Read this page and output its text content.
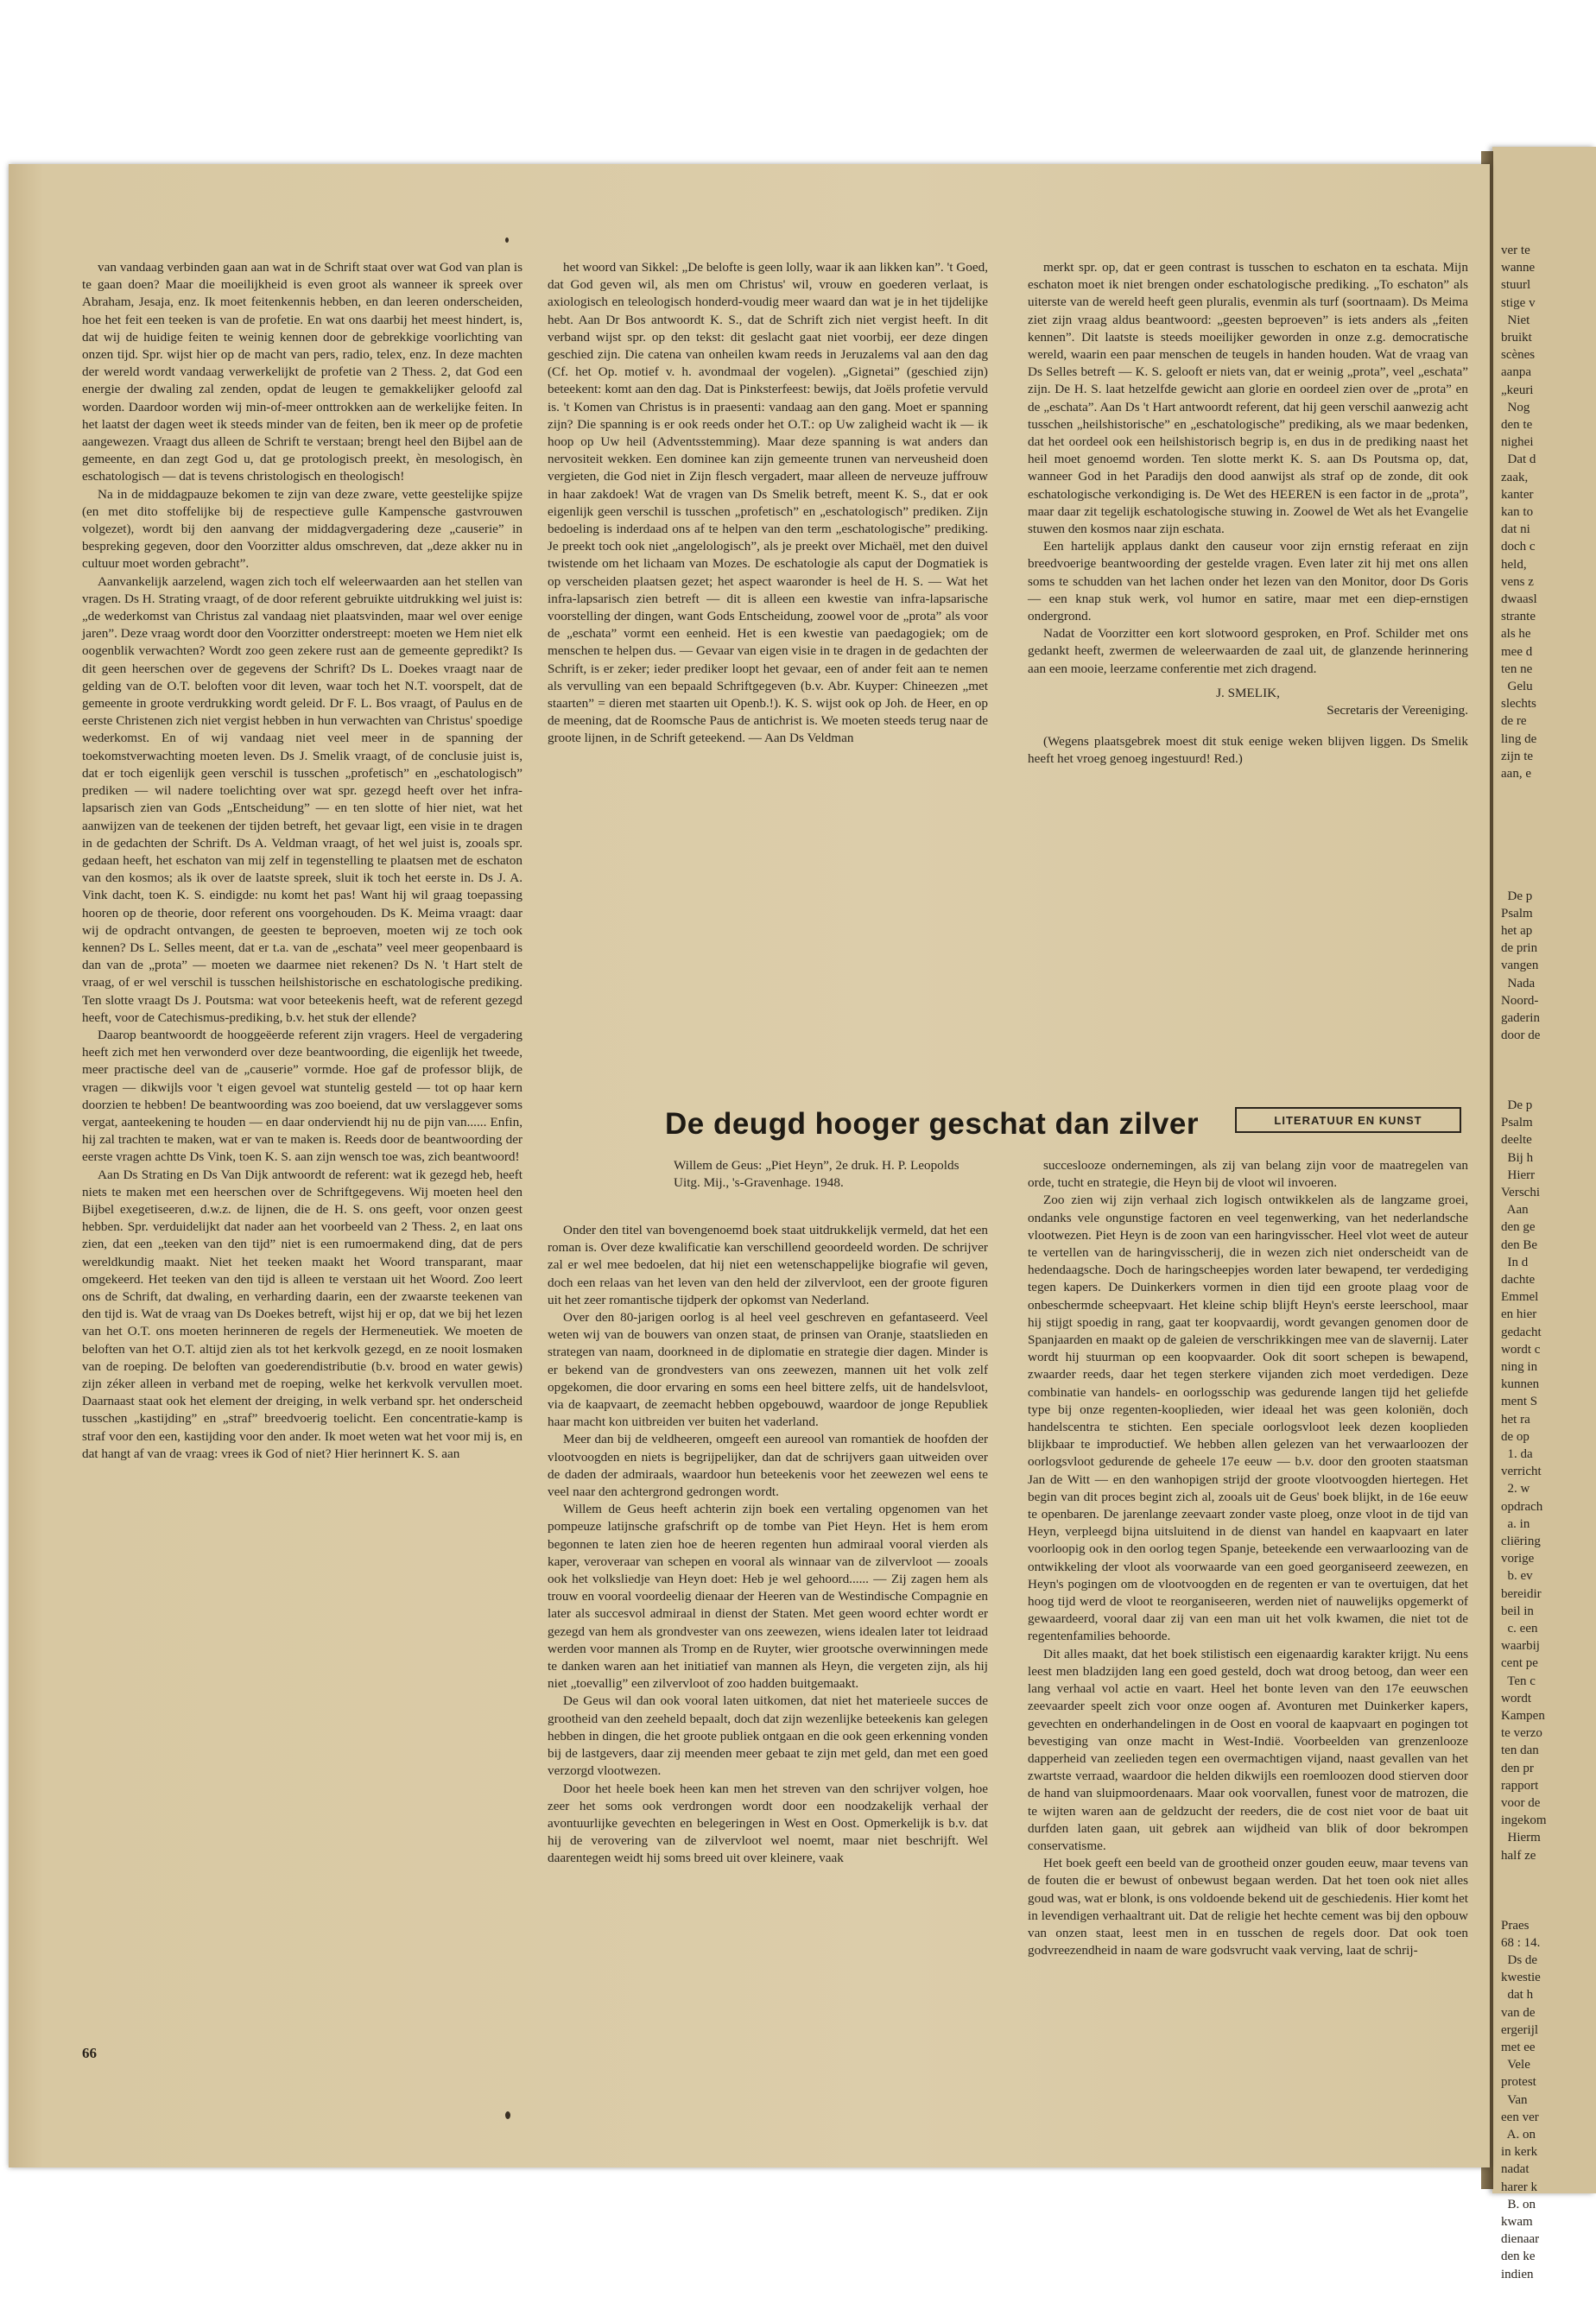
ver te
wanne
stuurl
stige v
Niet
bruikt
scènes
aanpa
„keuri
Nog
den te
nighei
Dat d
zaak,
kanter
kan to
dat ni
doch c
held,
vens z
dwaasl
strante
als he
mee d
ten ne
Gelu
slechts
de re
ling de
zijn te
aan, e

De p
Psalm
het ap
de prin
vangen
Nada
Noord-
gaderin
door de

De p
Psalm
deelte
Bij h
Hierr
Verschi
Aan
den ge
den Be
In d
dachte
Emmel
en hier
gedacht
wordt c
ning in
kunnen
ment S
het ra
de op
1. da
verricht
2. w
opdrach
a. in
cliëring
vorige
b. ev
bereidir
beil in
c. een
waarbij
cent pe
Ten c
wordt
Kampen
te verzo
ten dan
den pr
rapport
voor de
ingekom
Hierm
half ze

Praes
68 : 14.
Ds de
kwestie
dat h
van de
ergerijl
met ee
Vele
protest
Van
een ver
A. on
in kerk
nadat
harer k
B. on
kwam
dienaar
den ke
indien

van vandaag verbinden gaan aan wat in de Schrift staat over wat God van plan is te gaan doen? Maar die moeilijkheid is even groot als wanneer ik spreek over Abraham, Jesaja, enz. Ik moet feitenkennis hebben, en dan leeren onderscheiden, hoe het feit een teeken is van de profetie. En wat ons daarbij het meest hindert, is, dat wij de huidige feiten te weinig kennen door de gebrekkige voorlichting van onzen tijd. Spr. wijst hier op de macht van pers, radio, telex, enz. In deze machten der wereld wordt vandaag verwerkelijkt de profetie van 2 Thess. 2, dat God een energie der dwaling zal zenden, opdat de leugen te gemakkelijker geloofd zal worden. Daardoor worden wij min-of-meer onttrokken aan de werkelijke feiten. In het laatst der dagen weet ik steeds minder van de feiten, ben ik meer op de profetie aangewezen. Vraagt dus alleen de Schrift te verstaan; brengt heel den Bijbel aan de gemeente, en dan zegt God u, dat ge protologisch preekt, èn mesologisch, èn eschatologisch — dat is tevens christologisch en theologisch!

Na in de middagpauze bekomen te zijn van deze zware, vette geestelijke spijze (en met dito stoffelijke bij de respectieve gulle Kampensche gastvrouwen volgezet), wordt bij den aanvang der middagvergadering deze „causerie” in bespreking gegeven, door den Voorzitter aldus omschreven, dat „deze akker nu in cultuur moet worden gebracht”.

Aanvankelijk aarzelend, wagen zich toch elf weleerwaarden aan het stellen van vragen. Ds H. Strating vraagt, of de door referent gebruikte uitdrukking wel juist is: „de wederkomst van Christus zal vandaag niet plaatsvinden, maar wel over eenige jaren”. Deze vraag wordt door den Voorzitter onderstreept: moeten we Hem niet elk oogenblik verwachten? Wordt zoo geen zekere rust aan de gemeente gepredikt? Is dit geen heerschen over de gegevens der Schrift? Ds L. Doekes vraagt naar de gelding van de O.T. beloften voor dit leven, waar toch het N.T. voorspelt, dat de gemeente in groote verdrukking wordt geleid. Dr F. L. Bos vraagt, of Paulus en de eerste Christenen zich niet vergist hebben in hun verwachten van Christus' spoedige wederkomst. En of wij vandaag niet veel meer in de spanning der toekomstverwachting moeten leven. Ds J. Smelik vraagt, of de conclusie juist is, dat er toch eigenlijk geen verschil is tusschen „profetisch” en „eschatologisch” prediken — wil nadere toelichting over wat spr. gezegd heeft over het infra-lapsarisch zien van Gods „Entscheidung” — en ten slotte of hier niet, wat het aanwijzen van de teekenen der tijden betreft, het gevaar ligt, een visie in te dragen in de gedachten der Schrift. Ds A. Veldman vraagt, of het wel juist is, zooals spr. gedaan heeft, het eschaton van mij zelf in tegenstelling te plaatsen met de eschaton van den kosmos; als ik over de laatste spreek, sluit ik toch het eerste in. Ds J. A. Vink dacht, toen K. S. eindigde: nu komt het pas! Want hij wil graag toepassing hooren op de theorie, door referent ons voorgehouden. Ds K. Meima vraagt: daar wij de opdracht ontvangen, de geesten te beproeven, moeten wij ze toch ook kennen? Ds L. Selles meent, dat er t.a. van de „eschata” veel meer geopenbaard is dan van de „prota” — moeten we daarmee niet rekenen? Ds N. 't Hart stelt de vraag, of er wel verschil is tusschen heilshistorische en eschatologische prediking. Ten slotte vraagt Ds J. Poutsma: wat voor beteekenis heeft, wat de referent gezegd heeft, voor de Catechismus-prediking, b.v. het stuk der ellende?

Daarop beantwoordt de hooggeëerde referent zijn vragers. Heel de vergadering heeft zich met hen verwonderd over deze beantwoording, die eigenlijk het tweede, meer practische deel van de „causerie” vormde. Hoe gaf de professor blijk, de vragen — dikwijls voor 't eigen gevoel wat stuntelig gesteld — tot op haar kern doorzien te hebben! De beantwoording was zoo boeiend, dat uw verslaggever soms vergat, aanteekening te houden — en daar onderviendt hij nu de pijn van...... Enfin, hij zal trachten te maken, wat er van te maken is. Reeds door de beantwoording der eerste vragen achtte Ds Vink, toen K. S. aan zijn wensch toe was, zich beantwoord!

Aan Ds Strating en Ds Van Dijk antwoordt de referent: wat ik gezegd heb, heeft niets te maken met een heerschen over de Schriftgegevens. Wij moeten heel den Bijbel exegetiseeren, d.w.z. de lijnen, die de H. S. ons geeft, voor onzen geest hebben. Spr. verduidelijkt dat nader aan het voorbeeld van 2 Thess. 2, en laat ons zien, dat een „teeken van den tijd” niet is een rumoermakend ding, dat de pers wereldkundig maakt. Niet het teeken maakt het Woord transparant, maar omgekeerd. Het teeken van den tijd is alleen te verstaan uit het Woord. Zoo leert ons de Schrift, dat dwaling, en verharding daarin, een der zwaarste teekenen van den tijd is. Wat de vraag van Ds Doekes betreft, wijst hij er op, dat we bij het lezen van het O.T. ons moeten herinneren de regels der Hermeneutiek. We moeten de beloften van het O.T. altijd zien als tot het kerkvolk gezegd, en ze nooit losmaken van de roeping. De beloften van goederendistributie (b.v. brood en water gewis) zijn zéker alleen in verband met de roeping, welke het kerkvolk vervullen moet. Daarnaast staat ook het element der dreiging, in welk verband spr. het onderscheid tusschen „kastijding” en „straf” breedvoerig toelicht. Een concentratie-kamp is straf voor den een, kastijding voor den ander. Ik moet weten wat het voor mij is, en dat hangt af van de vraag: vrees ik God of niet? Hier herinnert K. S. aan

het woord van Sikkel: „De belofte is geen lolly, waar ik aan likken kan”. 't Goed, dat God geven wil, als men om Christus' wil, vrouw en goederen verlaat, is axiologisch en teleologisch honderd-voudig meer waard dan wat je in het tijdelijke hebt. Aan Dr Bos antwoordt K. S., dat de Schrift zich niet vergist heeft. In dit verband wijst spr. op den tekst: dit geslacht gaat niet voorbij, eer deze dingen geschied zijn. Die catena van onheilen kwam reeds in Jeruzalems val aan den dag (Cf. het Op. motief v. h. avondmaal der vogelen). „Gignetai” (geschied zijn) beteekent: komt aan den dag. Dat is Pinksterfeest: bewijs, dat Joëls profetie vervuld is. 't Komen van Christus is in praesenti: vandaag aan den gang. Moet er spanning zijn? Die spanning is er ook reeds onder het O.T.: op Uw zaligheid wacht ik — ik hoop op Uw heil (Adventsstemming). Maar deze spanning is wat anders dan nervositeit wekken. Een dominee kan zijn gemeente trunen van nerveusheid doen vergieten, die God niet in Zijn flesch vergadert, maar alleen de nerveuze juffrouw in haar zakdoek! Wat de vragen van Ds Smelik betreft, meent K. S., dat er ook eigenlijk geen verschil is tusschen „profetisch” en „eschatologisch” prediken. Zijn bedoeling is inderdaad ons af te helpen van den term „eschatologische” prediking. Je preekt toch ook niet „angelologisch”, als je preekt over Michaël, met den duivel twistende om het lichaam van Mozes. De eschatologie als caput der Dogmatiek is op verscheiden plaatsen gezet; het aspect waaronder is heel de H. S. — Wat het infra-lapsarisch zien betreft — dit is alleen een kwestie van infra-lapsarische voorstelling der dingen, want Gods Entscheidung, zoowel voor de „prota” als voor de „eschata” vormt een eenheid. Het is een kwestie van paedagogiek; om de menschen te helpen dus. — Gevaar van eigen visie in te dragen in de gedachten der Schrift, is er zeker; ieder prediker loopt het gevaar, een of ander feit aan te nemen als vervulling van een bepaald Schriftgegeven (b.v. Abr. Kuyper: Chineezen „met staarten” = dieren met staarten uit Openb.!). K. S. wijst ook op Joh. de Heer, en op de meening, dat de Roomsche Paus de antichrist is. We moeten steeds terug naar de groote lijnen, in de Schrift geteekend. — Aan Ds Veldman

merkt spr. op, dat er geen contrast is tusschen to eschaton en ta eschata. Mijn eschaton moet ik niet brengen onder eschatologische prediking. „To eschaton” als uiterste van de wereld heeft geen pluralis, evenmin als turf (soortnaam). Ds Meima ziet zijn vraag aldus beantwoord: „geesten beproeven” is iets anders als „feiten kennen”. Dit laatste is steeds moeilijker geworden in onze z.g. democratische wereld, waarin een paar menschen de teugels in handen houden. Wat de vraag van Ds Selles betreft — K. S. gelooft er niets van, dat er weinig „prota”, veel „eschata” zijn. De H. S. laat hetzelfde gewicht aan glorie en oordeel zien over de „prota” en de „eschata”. Aan Ds 't Hart antwoordt referent, dat hij geen verschil aanwezig acht tusschen „heilshistorische” en „eschatologische” prediking, als we maar bedenken, dat het oordeel ook een heilshistorisch begrip is, en dus in de prediking naast het heil moet genoemd worden. Ten slotte merkt K. S. aan Ds Poutsma op, dat, wanneer God in het Paradijs den dood aanwijst als straf op de zonde, dit ook eschatologische verkondiging is. De Wet des HEEREN is een factor in de „prota”, maar daar zit tegelijk eschatologische stuwing in. Zoowel de Wet als het Evangelie stuwen den kosmos naar zijn eschata.

Een hartelijk applaus dankt den causeur voor zijn ernstig referaat en zijn breedvoerige beantwoording der gestelde vragen. Even later zit hij met ons allen soms te schudden van het lachen onder het lezen van den Monitor, door Ds Goris — een knap stuk werk, vol humor en satire, maar met een diep-ernstigen ondergrond.

Nadat de Voorzitter een kort slotwoord gesproken, en Prof. Schilder met ons gedankt heeft, zwermen de weleerwaarden de zaal uit, de glanzende herinnering aan een mooie, leerzame conferentie met zich dragend.

J. SMELIK,

Secretaris der Vereeniging.

(Wegens plaatsgebrek moest dit stuk eenige weken blijven liggen. Ds Smelik heeft het vroeg genoeg ingestuurd! Red.)

De deugd hooger geschat dan zilver	LITERATUUR EN KUNST
Willem de Geus: „Piet Heyn”, 2e druk. H. P. Leopolds Uitg. Mij., 's-Gravenhage. 1948.

Onder den titel van bovengenoemd boek staat uitdrukkelijk vermeld, dat het een roman is. Over deze kwalificatie kan verschillend geoordeeld worden. De schrijver zal er wel mee bedoelen, dat hij niet een wetenschappelijke biografie wil geven, doch een relaas van het leven van den held der zilvervloot, een der groote figuren uit het zeer romantische tijdperk der opkomst van Nederland.

Over den 80-jarigen oorlog is al heel veel geschreven en gefantaseerd. Veel weten wij van de bouwers van onzen staat, de prinsen van Oranje, staatslieden en strategen van naam, doorkneed in de diplomatie en strategie dier dagen. Minder is er bekend van de grondvesters van ons zeewezen, mannen uit het volk zelf opgekomen, die door ervaring en soms een heel bittere zelfs, uit de handelsvloot, via de kaapvaart, de zeemacht hebben opgebouwd, waardoor de jonge Republiek haar macht kon uitbreiden ver buiten het vaderland.

Meer dan bij de veldheeren, omgeeft een aureool van romantiek de hoofden der vlootvoogden en niets is begrijpelijker, dan dat de schrijvers gaan uitweiden over de daden der admiraals, waardoor hun beteekenis voor het zeewezen wel eens te veel naar den achtergrond gedrongen wordt.

Willem de Geus heeft achterin zijn boek een vertaling opgenomen van het pompeuze latijnsche grafschrift op de tombe van Piet Heyn. Het is hem erom begonnen te laten zien hoe de heeren regenten hun admiraal vooral vierden als kaper, veroveraar van schepen en vooral als winnaar van de zilvervloot — zooals ook het volksliedje van Heyn doet: Heb je wel gehoord...... — Zij zagen hem als trouw en vooral voordeelig dienaar der Heeren van de Westindische Compagnie en later als succesvol admiraal in dienst der Staten. Met geen woord echter wordt er gezegd van hem als grondvester van ons zeewezen, wiens idealen later tot leidraad werden voor mannen als Tromp en de Ruyter, wier grootsche overwinningen mede te danken waren aan het initiatief van mannen als Heyn, die vergeten zijn, als hij niet „toevallig” een zilvervloot of zoo hadden buitgemaakt.

De Geus wil dan ook vooral laten uitkomen, dat niet het materieele succes de grootheid van den zeeheld bepaalt, doch dat zijn wezenlijke beteekenis kan gelegen hebben in dingen, die het groote publiek ontgaan en die ook geen erkenning vonden bij de lastgevers, daar zij meenden meer gebaat te zijn met geld, dan met een goed verzorgd vlootwezen.

Door het heele boek heen kan men het streven van den schrijver volgen, hoe zeer het soms ook verdrongen wordt door een noodzakelijk verhaal der avontuurlijke gevechten en belegeringen in West en Oost. Opmerkelijk is b.v. dat hij de verovering van de zilvervloot wel noemt, maar niet beschrijft. Wel daarentegen weidt hij soms breed uit over kleinere, vaak

succeslooze ondernemingen, als zij van belang zijn voor de maatregelen van orde, tucht en strategie, die Heyn bij de vloot wil invoeren.

Zoo zien wij zijn verhaal zich logisch ontwikkelen als de langzame groei, ondanks vele ongunstige factoren en veel tegenwerking, van het nederlandsche vlootwezen. Piet Heyn is de zoon van een haringvisscher. Heel vlot weet de auteur te vertellen van de haringvisscherij, die in wezen zich niet onderscheidt van de hedendaagsche. Doch de haringscheepjes worden later bewapend, ter verdediging tegen kapers. De Duinkerkers vormen in dien tijd een groote plaag voor de onbeschermde scheepvaart. Het kleine schip blijft Heyn's eerste leerschool, maar hij stijgt spoedig in rang, gaat ter koopvaardij, wordt gevangen genomen door de Spanjaarden en maakt op de galeien de verschrikkingen mee van de slavernij. Later wordt hij stuurman op een koopvaarder. Ook dit soort schepen is bewapend, zwaarder reeds, daar het tegen sterkere vijanden zich moet verdedigen. Deze combinatie van handels- en oorlogsschip was gedurende langen tijd het geliefde type bij onze regenten-kooplieden, wier ideaal het was geen koloniën, doch handelscentra te stichten. Een speciale oorlogsvloot leek dezen kooplieden blijkbaar te improductief. We hebben allen gelezen van het verwaarloozen der oorlogsvloot gedurende de geheele 17e eeuw — b.v. door den grooten staatsman Jan de Witt — en den wanhopigen strijd der groote vlootvoogden hiertegen. Het begin van dit proces begint zich al, zooals uit de Geus' boek blijkt, in de 16e eeuw te openbaren. De jarenlange zeevaart zonder vaste ploeg, onze vloot in de tijd van Heyn, verpleegd bijna uitsluitend in de dienst van handel en kaapvaart en later voorloopig ook in den oorlog tegen Spanje, beteekende een verwaarloozing van de ontwikkeling der vloot als voorwaarde van een goed georganiseerd zeewezen, en Heyn's pogingen om de vlootvoogden en de regenten er van te overtuigen, dat het hoog tijd werd de vloot te reorganiseeren, werden niet of nauwelijks opgemerkt of gewaardeerd, vooral daar zij van een man uit het volk kwamen, die niet tot de regentenfamilies behoorde.

Dit alles maakt, dat het boek stilistisch een eigenaardig karakter krijgt. Nu eens leest men bladzijden lang een goed gesteld, doch wat droog betoog, dan weer een lang verhaal vol actie en vaart. Heel het bonte leven van den 17e eeuwschen zeevaarder speelt zich voor onze oogen af. Avonturen met Duinkerker kapers, gevechten en onderhandelingen in de Oost en vooral de kaapvaart en pogingen tot bevestiging van onze macht in West-Indië. Voorbeelden van grenzenlooze dapperheid van zeelieden tegen een overmachtigen vijand, naast gevallen van het zwartste verraad, waardoor die helden dikwijls een roemloozen dood stierven door de hand van sluipmoordenaars. Maar ook voorvallen, funest voor de matrozen, die te wijten waren aan de geldzucht der reeders, die de cost niet voor de baat uit durfden laten gaan, uit gebrek aan wijdheid van blik of door bekrompen conservatisme.

Het boek geeft een beeld van de grootheid onzer gouden eeuw, maar tevens van de fouten die er bewust of onbewust begaan werden. Dat het toen ook niet alles goud was, wat er blonk, is ons voldoende bekend uit de geschiedenis. Hier komt het in levendigen verhaaltrant uit. Dat de religie het hechte cement was bij den opbouw van onzen staat, leest men in en tusschen de regels door. Dat ook toen godvreezendheid in naam de ware godsvrucht vaak verving, laat de schrij-

66
